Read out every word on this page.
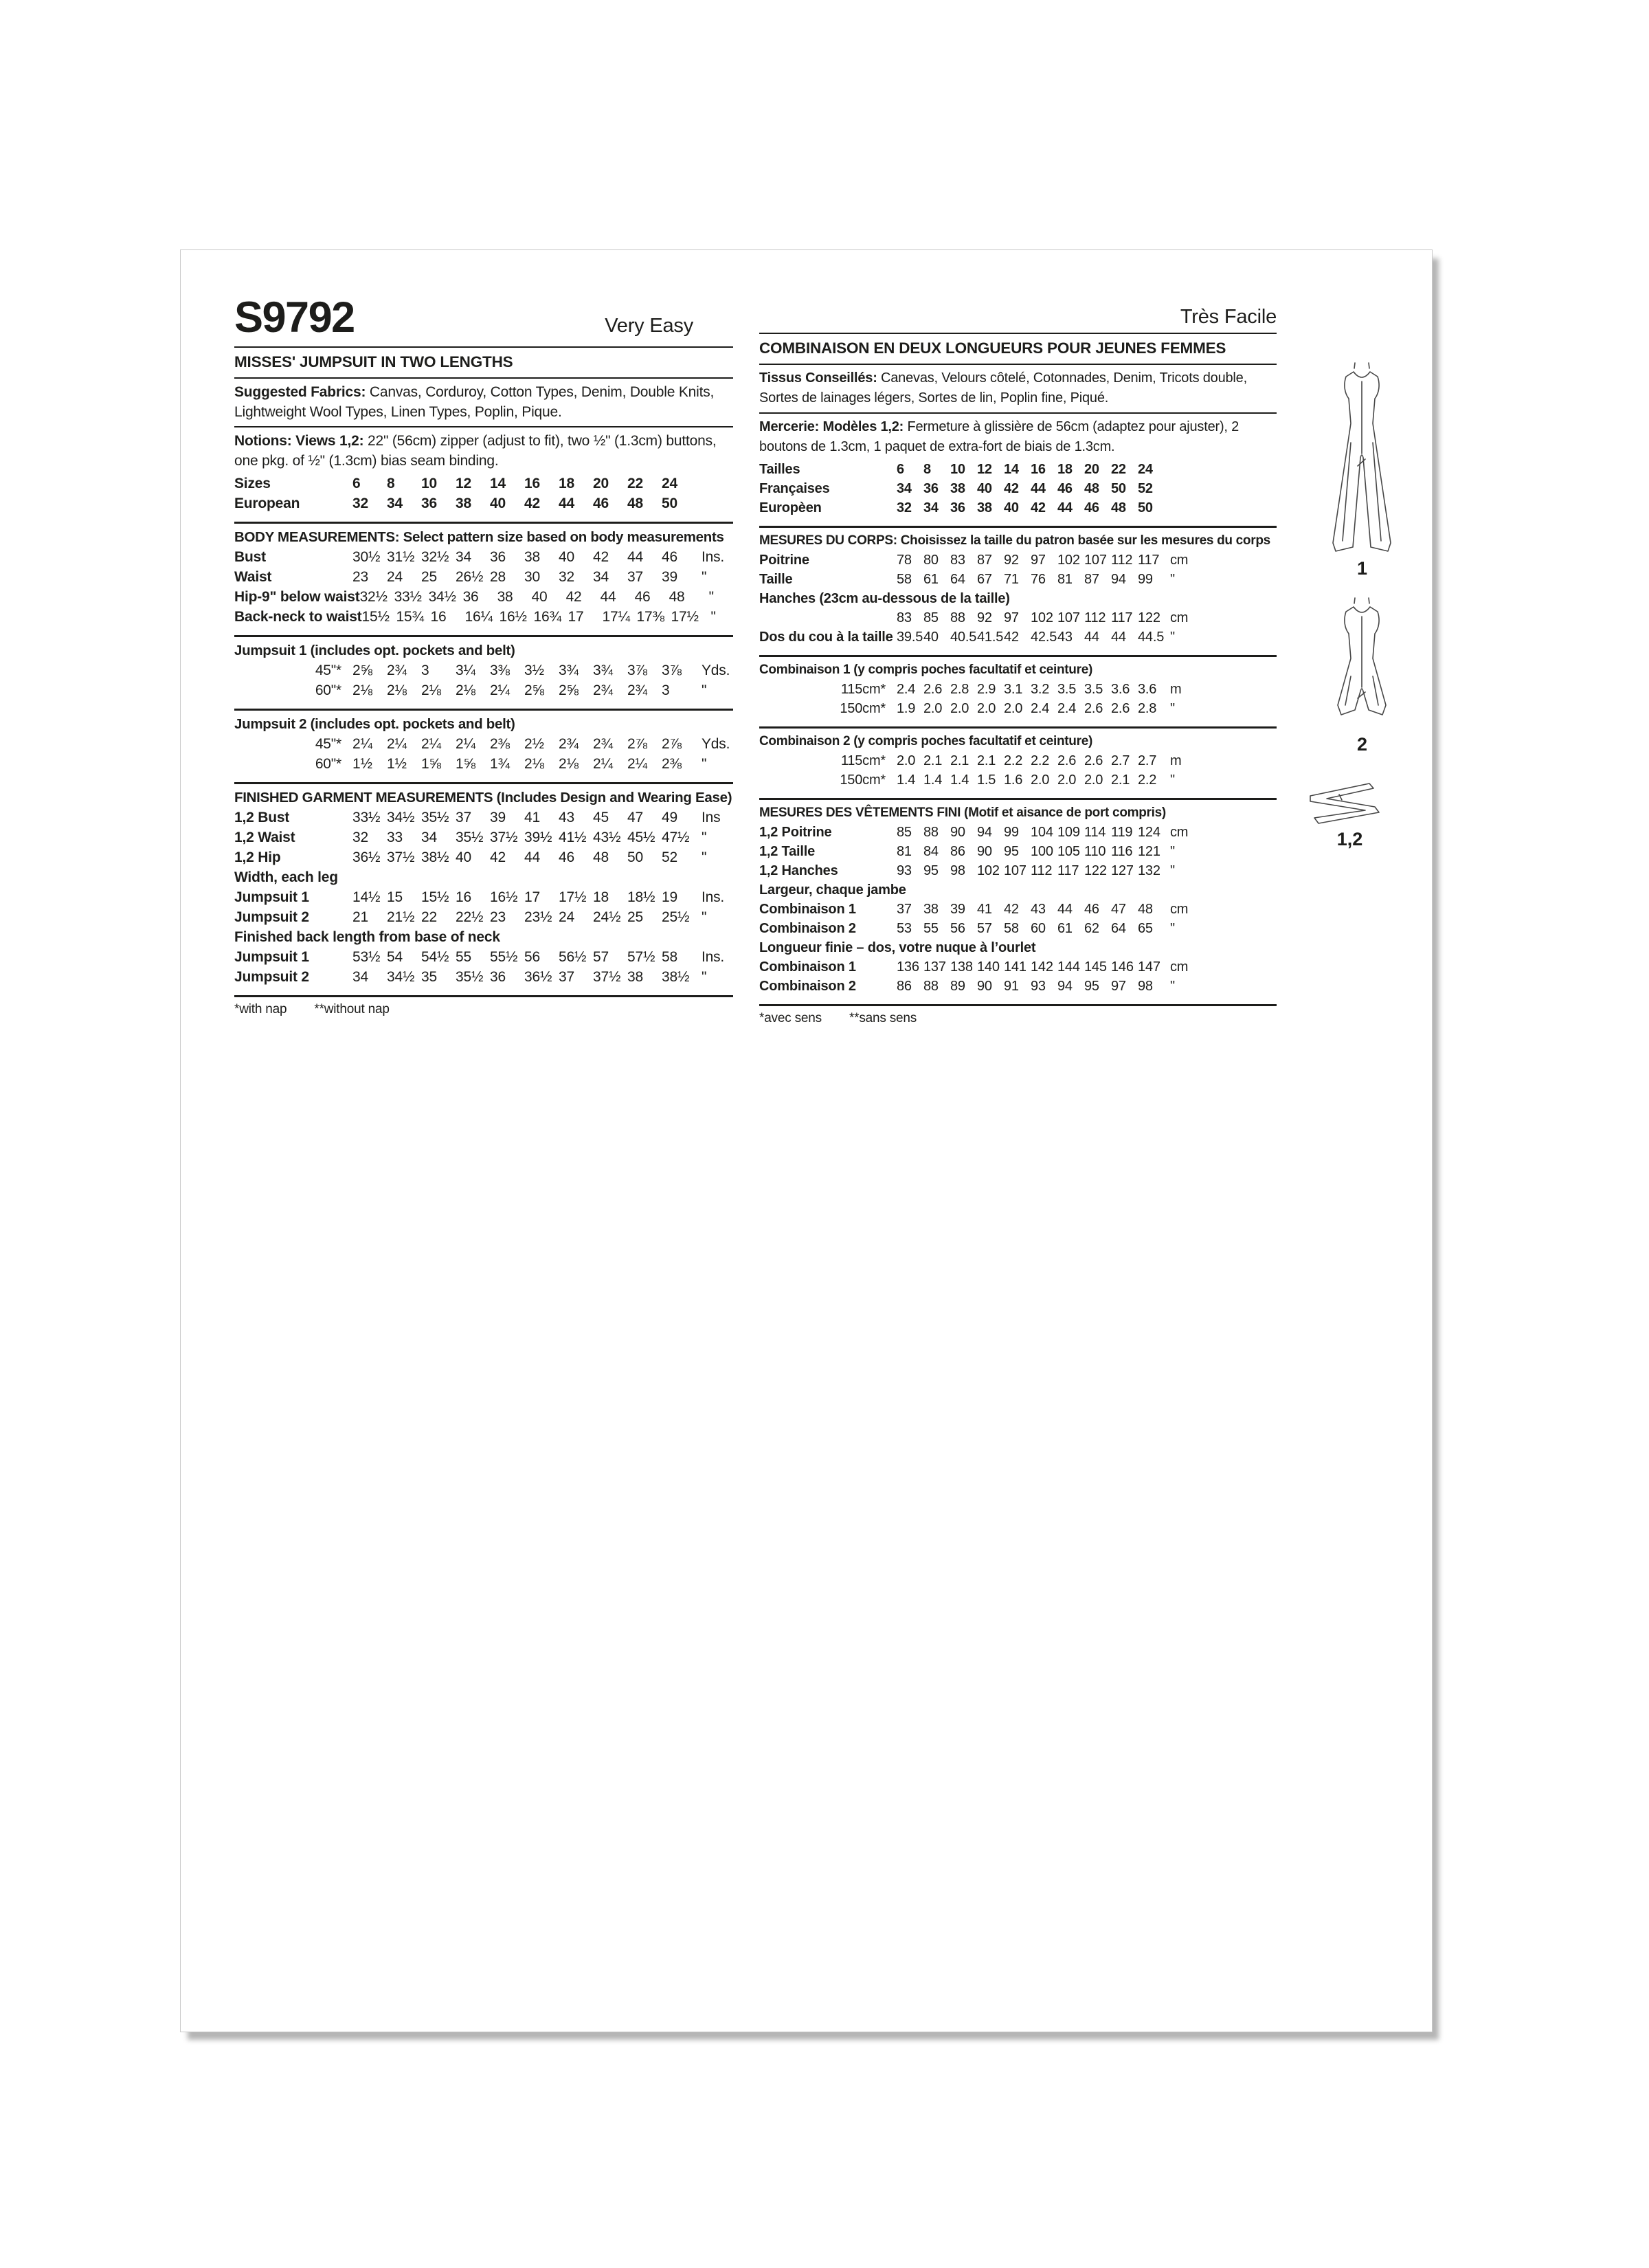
S9792	Very Easy
MISSES' JUMPSUIT IN TWO LENGTHS

Suggested Fabrics: Canvas, Corduroy, Cotton Types, Denim, Double Knits, Lightweight Wool Types, Linen Types, Poplin, Pique.

Notions: Views 1,2: 22" (56cm) zipper (adjust to fit), two ½" (1.3cm) buttons, one pkg. of ½" (1.3cm) bias seam binding.

Sizes	6	8	10	12	14	16	18	20	22	24
European	32	34	36	38	40	42	44	46	48	50
BODY MEASUREMENTS: Select pattern size based on body measurements
Bust	30½ 31½ 32½ 34	36	38	40	42	44	46	Ins.
Waist	23	24	25	26½ 28	30	32	34	37	39	"
Hip-9" below waist 32½ 33½ 34½ 36	38	40	42	44	46	48	"
Back-neck to waist 15½ 15¾ 16	16¼ 16½ 16¾ 17	17¼ 17⅜ 17½ "
Jumpsuit 1 (includes opt. pockets and belt)
45"* 2⅝	2¾	3	3¼	3⅜	3½	3¾	3¾	3⅞	3⅞	Yds.
60"* 2⅛	2⅛	2⅛	2⅛	2¼	2⅝	2⅝	2¾	2¾	3	"
Jumpsuit 2 (includes opt. pockets and belt)
45"* 2¼	2¼	2¼	2¼	2⅜	2½	2¾	2¾	2⅞	2⅞	Yds.
60"* 1½	1½	1⅝	1⅝	1¾	2⅛	2⅛	2¼	2¼	2⅜	"
FINISHED GARMENT MEASUREMENTS (Includes Design and Wearing Ease)
1,2 Bust	33½ 34½ 35½ 37	39	41	43	45	47	49	Ins
1,2 Waist	32	33	34	35½ 37½ 39½ 41½ 43½ 45½ 47½ "
1,2 Hip	36½ 37½ 38½ 40	42	44	46	48	50	52	"
Width, each leg
Jumpsuit 1	14½ 15	15½ 16	16½ 17	17½ 18	18½ 19	Ins.
Jumpsuit 2	21	21½ 22	22½ 23	23½ 24	24½ 25	25½ "
Finished back length from base of neck
Jumpsuit 1	53½ 54	54½ 55	55½ 56	56½ 57	57½ 58	Ins.
Jumpsuit 2	34	34½ 35	35½ 36	36½ 37	37½ 38	38½ "
*with nap **without nap
Très Facile
COMBINAISON EN DEUX LONGUEURS POUR JEUNES FEMMES

Tissus Conseillés: Canevas, Velours côtelé, Cotonnades, Denim, Tricots double, Sortes de lainages légers, Sortes de lin, Poplin fine, Piqué.

Mercerie: Modèles 1,2: Fermeture à glissière de 56cm (adaptez pour ajuster), 2 boutons de 1.3cm, 1 paquet de extra-fort de biais de 1.3cm.

Tailles	6	8	10 12 14 16 18 20 22 24
Françaises	34 36 38 40 42 44 46 48 50 52
Europèen	32 34 36 38 40 42 44 46 48 50
MESURES DU CORPS: Choisissez la taille du patron basée sur les mesures du corps
Poitrine	78 80 83 87 92 97 102 107 112 117 cm
Taille	58 61 64 67 71 76 81 87 94 99	"
Hanches (23cm au-dessous de la taille)
83 85 88 92 97 102 107 112 117 122 cm
Dos du cou à la taille 39.5 40 40.5 41.5 42 42.5 43 44 44 44.5 "
Combinaison 1 (y compris poches facultatif et ceinture)
115cm* 2.4 2.6 2.8 2.9 3.1 3.2 3.5 3.5 3.6 3.6 m
150cm* 1.9 2.0 2.0 2.0 2.0 2.4 2.4 2.6 2.6 2.8 "
Combinaison 2 (y compris poches facultatif et ceinture)
115cm* 2.0 2.1 2.1 2.1 2.2 2.2 2.6 2.6 2.7 2.7 m
150cm* 1.4 1.4 1.4 1.5 1.6 2.0 2.0 2.0 2.1 2.2 "
MESURES DES VÊTEMENTS FINI (Motif et aisance de port compris)
1,2 Poitrine	85 88 90 94 99 104 109 114 119 124 cm
1,2 Taille	81 84 86 90 95 100 105 110 116 121 "
1,2 Hanches	93 95 98 102 107 112 117 122 127 132 "
Largeur, chaque jambe
Combinaison 1	37 38 39 41 42 43 44 46 47 48	cm
Combinaison 2	53 55 56 57 58 60 61 62 64 65	"
Longueur finie – dos, votre nuque à l’ourlet
Combinaison 1	136 137 138 140 141 142 144 145 146 147 cm
Combinaison 2	86 88 89 90 91 93 94 95 97 98	"
*avec sens **sans sens
1
2
1,2
